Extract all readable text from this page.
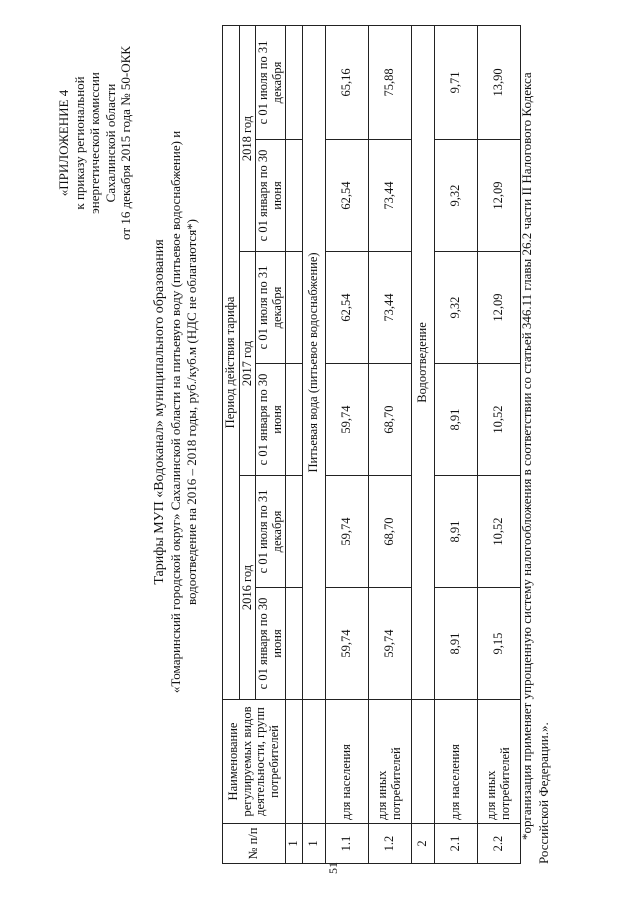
51
«ПРИЛОЖЕНИЕ 4 к приказу региональной энергетической комиссии Сахалинской области от 16 декабря 2015 года № 50-ОКК
Тарифы МУП «Водоканал» муниципального образования «Томаринский городской округ» Сахалинской области на питьевую воду (питьевое водоснабжение) и водоотведение на 2016 – 2018 годы, руб./куб.м (НДС не облагаются*)
№ п/п	Наименование регулируемых видов деятельности, групп потребителей	Период действия тарифа					
		2016 год		2017 год		2018 год	
		с 01 января по 30 июня	с 01 июля по 31 декабря	с 01 января по 30 июня	с 01 июля по 31 декабря	с 01 января по 30 июня	с 01 июля по 31 декабря
1							
1		Питьевая вода (питьевое водоснабжение)					
1.1	для населения	59,74	59,74	59,74	62,54	62,54	65,16
1.2	для иных потребителей	59,74	68,70	68,70	73,44	73,44	75,88
2		Водоотведение					
2.1	для населения	8,91	8,91	8,91	9,32	9,32	9,71
2.2	для иных потребителей	9,15	10,52	10,52	12,09	12,09	13,90 *организация применяет упрощенную систему налогообложения в соответствии со статьей 346.11 главы 26.2 части II Налогового Кодекса Российской Федерации.».
